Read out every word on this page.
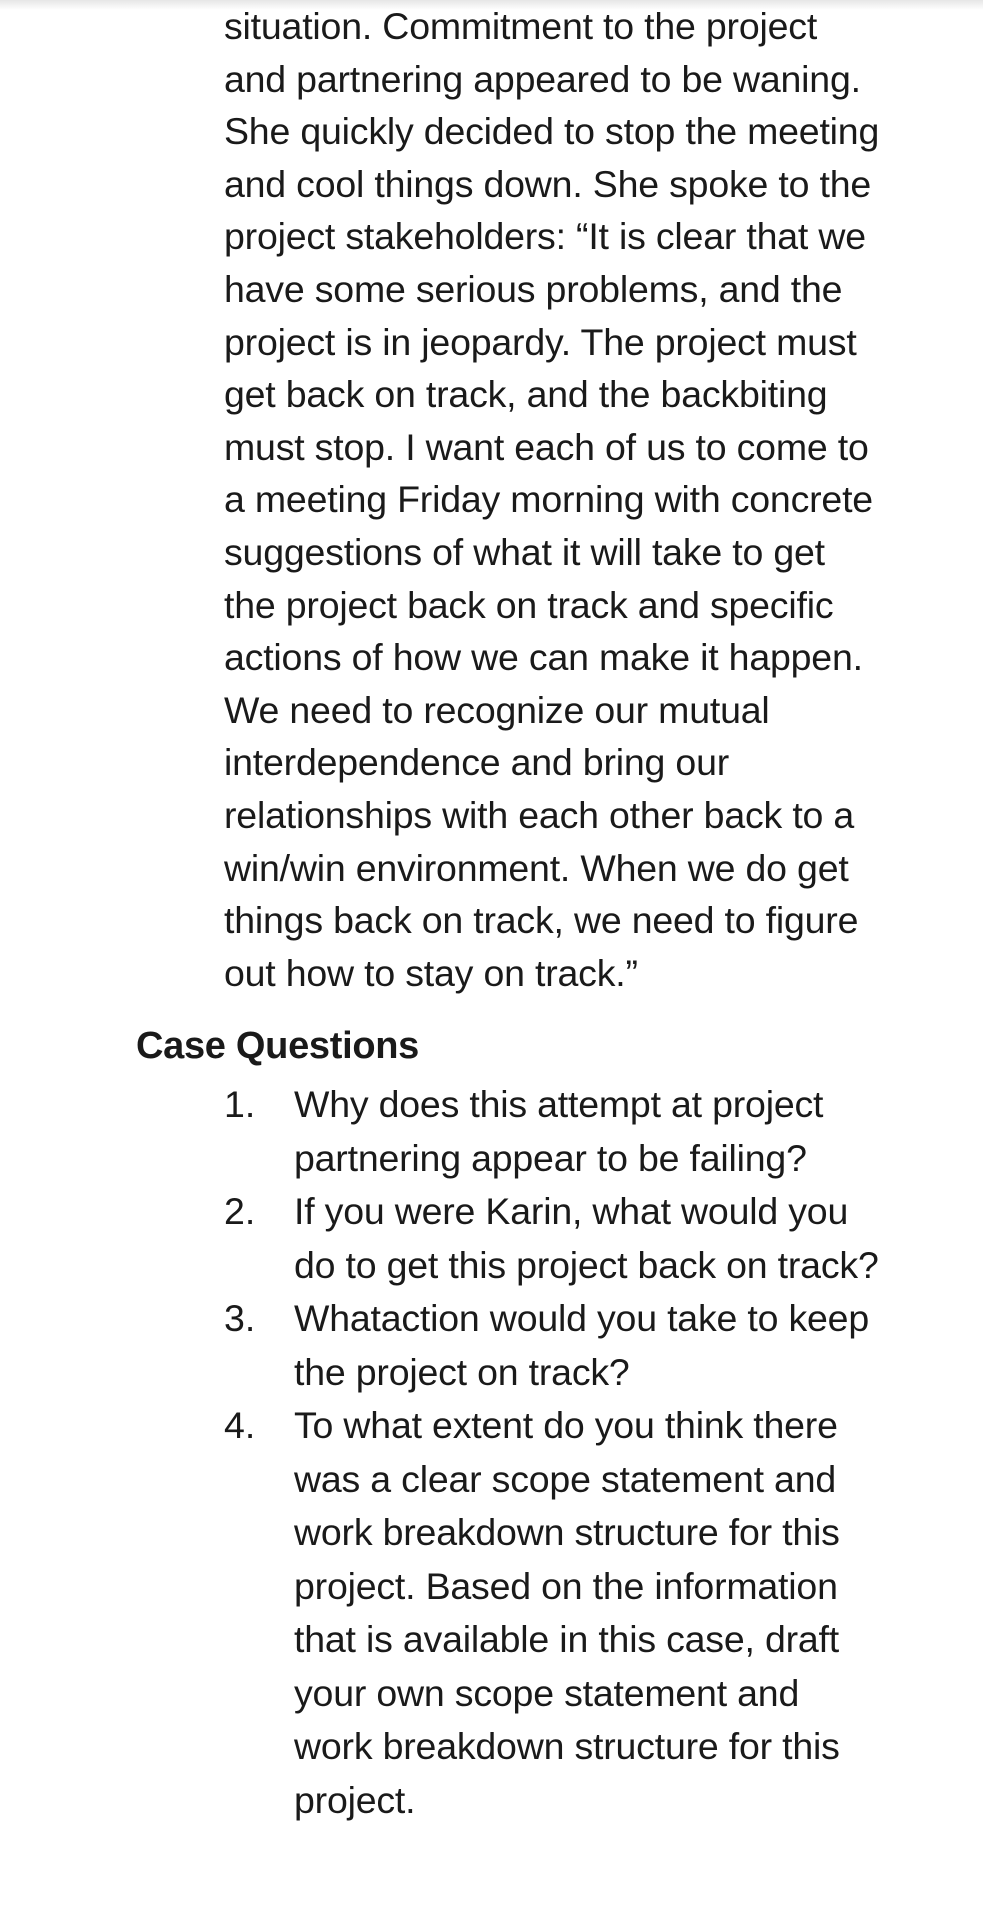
situation. Commitment to the project
and partnering appeared to be waning.
She quickly decided to stop the meeting
and cool things down. She spoke to the
project stakeholders: “It is clear that we
have some serious problems, and the
project is in jeopardy. The project must
get back on track, and the backbiting
must stop. I want each of us to come to
a meeting Friday morning with concrete
suggestions of what it will take to get
the project back on track and specific
actions of how we can make it happen.
We need to recognize our mutual
interdependence and bring our
relationships with each other back to a
win/win environment. When we do get
things back on track, we need to figure
out how to stay on track.”
Case Questions
1. Why does this attempt at project
partnering appear to be failing?
2. If you were Karin, what would you
do to get this project back on track?
3. Whataction would you take to keep
the project on track?
4. To what extent do you think there
was a clear scope statement and
work breakdown structure for this
project. Based on the information
that is available in this case, draft
your own scope statement and
work breakdown structure for this
project.
